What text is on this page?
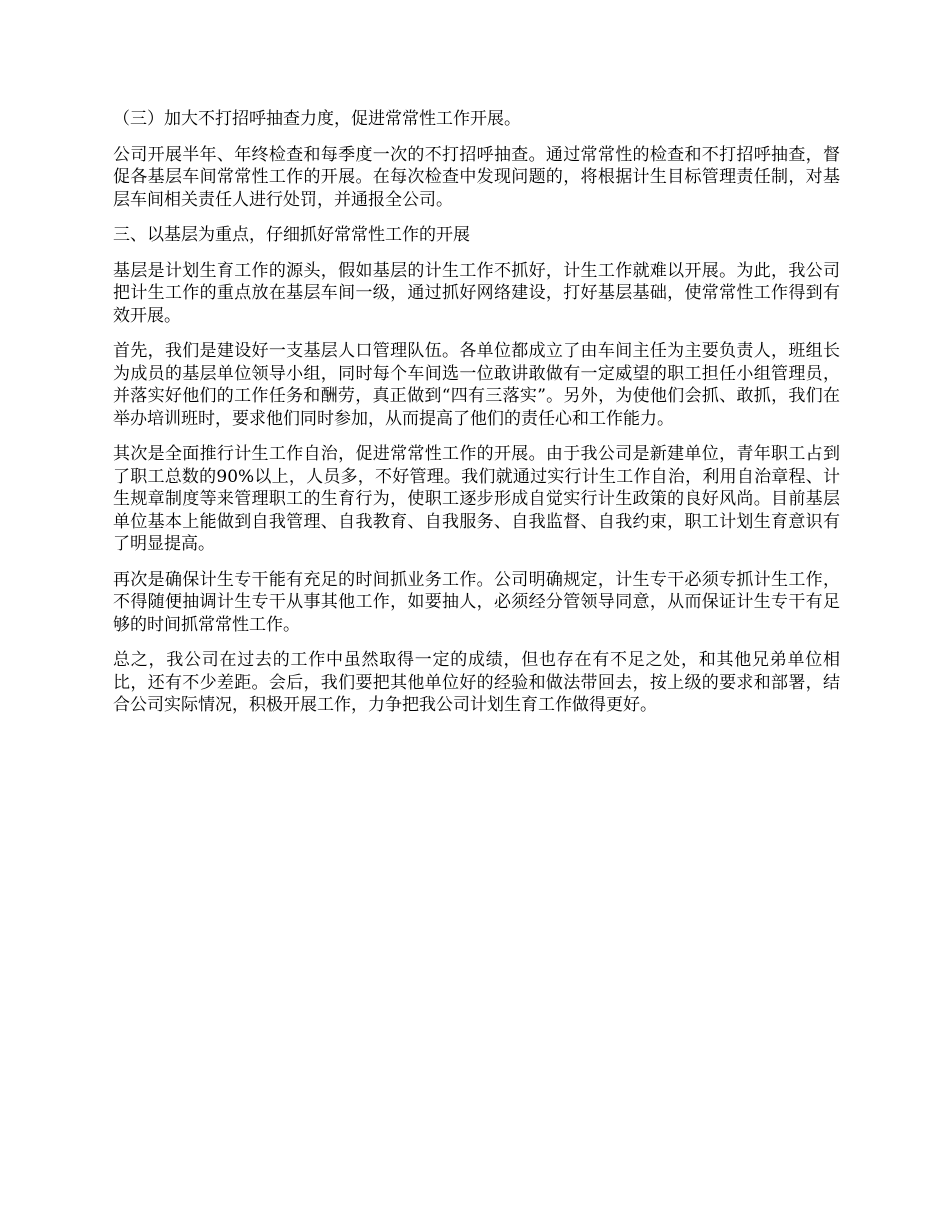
（三）加大不打招呼抽查力度，促进常常性工作开展。

公司开展半年、年终检查和每季度一次的不打招呼抽查。通过常常性的检查和不打招呼抽查，督促各基层车间常常性工作的开展。在每次检查中发现问题的，将根据计生目标管理责任制，对基层车间相关责任人进行处罚，并通报全公司。

三、以基层为重点，仔细抓好常常性工作的开展

基层是计划生育工作的源头，假如基层的计生工作不抓好，计生工作就难以开展。为此，我公司把计生工作的重点放在基层车间一级，通过抓好网络建设，打好基层基础，使常常性工作得到有效开展。

首先，我们是建设好一支基层人口管理队伍。各单位都成立了由车间主任为主要负责人，班组长为成员的基层单位领导小组，同时每个车间选一位敢讲敢做有一定威望的职工担任小组管理员，并落实好他们的工作任务和酬劳，真正做到“四有三落实”。另外，为使他们会抓、敢抓，我们在举办培训班时，要求他们同时参加，从而提高了他们的责任心和工作能力。

其次是全面推行计生工作自治，促进常常性工作的开展。由于我公司是新建单位，青年职工占到了职工总数的90%以上，人员多，不好管理。我们就通过实行计生工作自治，利用自治章程、计生规章制度等来管理职工的生育行为，使职工逐步形成自觉实行计生政策的良好风尚。目前基层单位基本上能做到自我管理、自我教育、自我服务、自我监督、自我约束，职工计划生育意识有了明显提高。

再次是确保计生专干能有充足的时间抓业务工作。公司明确规定，计生专干必须专抓计生工作，不得随便抽调计生专干从事其他工作，如要抽人，必须经分管领导同意，从而保证计生专干有足够的时间抓常常性工作。

总之，我公司在过去的工作中虽然取得一定的成绩，但也存在有不足之处，和其他兄弟单位相比，还有不少差距。会后，我们要把其他单位好的经验和做法带回去，按上级的要求和部署，结合公司实际情况，积极开展工作，力争把我公司计划生育工作做得更好。
